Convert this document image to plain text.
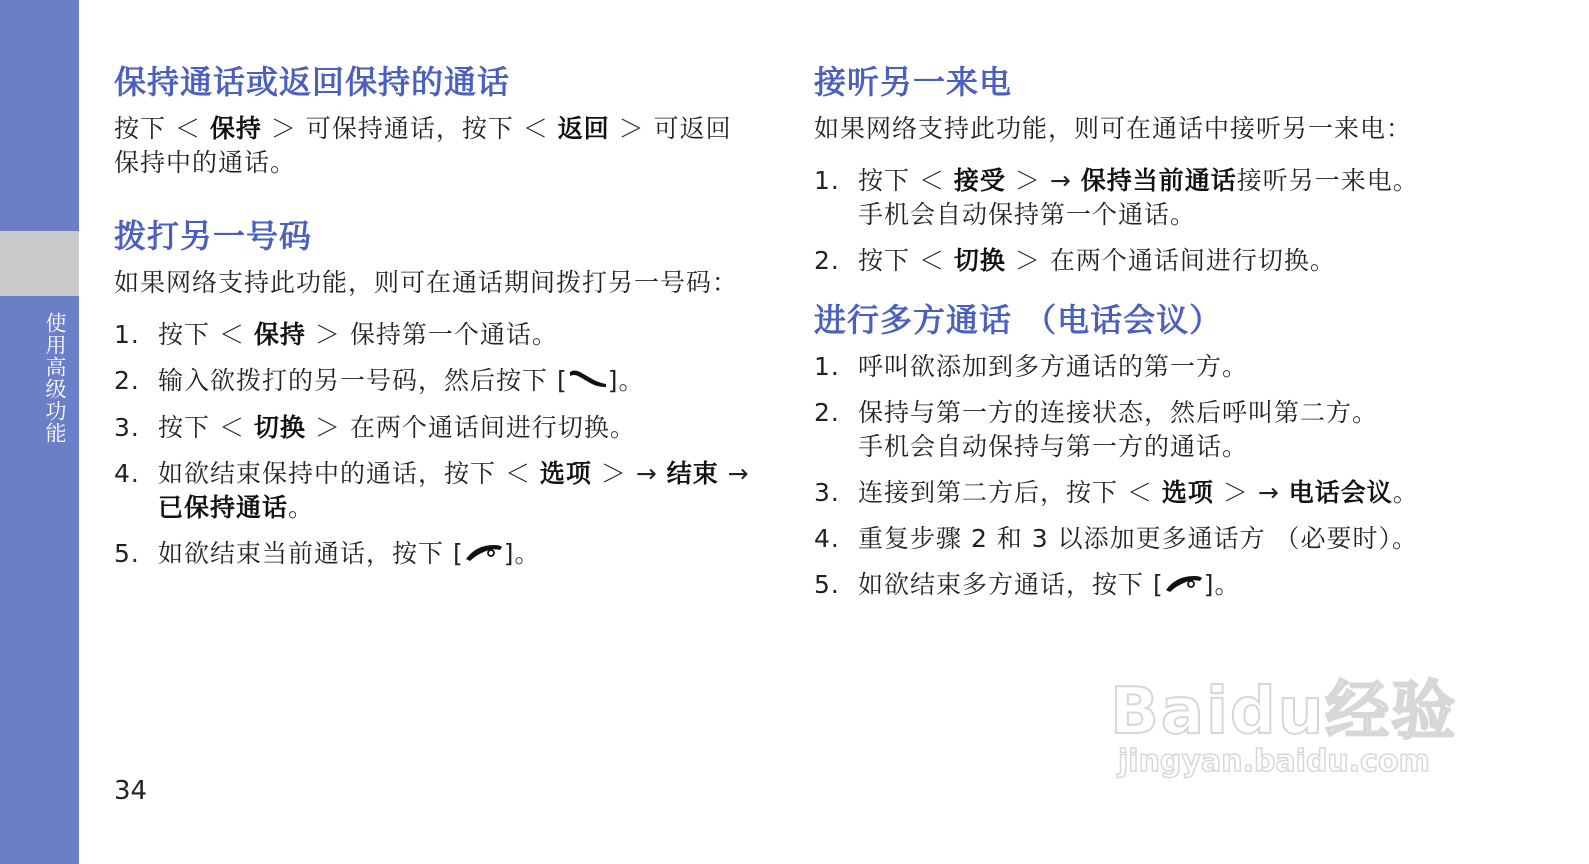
使用高级功能
保持通话或返回保持的通话

按下 ＜ 保持 ＞ 可保持通话，按下 ＜ 返回 ＞ 可返回保持中的通话。

拨打另一号码

如果网络支持此功能，则可在通话期间拨打另一号码：

1. 按下 ＜ 保持 ＞ 保持第一个通话。
2. 输入欲拨打的另一号码，然后按下 [ ]。
3. 按下 ＜ 切换 ＞ 在两个通话间进行切换。
4. 如欲结束保持中的通话，按下 ＜ 选项 ＞ → 结束 → 已保持通话。
5. 如欲结束当前通话，按下 [ ]。
接听另一来电

如果网络支持此功能，则可在通话中接听另一来电：

1. 按下 ＜ 接受 ＞ → 保持当前通话接听另一来电。
手机会自动保持第一个通话。
2. 按下 ＜ 切换 ＞ 在两个通话间进行切换。
进行多方通话 （电话会议）
1. 呼叫欲添加到多方通话的第一方。
2. 保持与第一方的连接状态，然后呼叫第二方。
手机会自动保持与第一方的通话。
3. 连接到第二方后，按下 ＜ 选项 ＞ → 电话会议。
4. 重复步骤 2 和 3 以添加更多通话方 （必要时）。
5. 如欲结束多方通话，按下 [ ]。
34
Baidu经验
jingyan.baidu.com
